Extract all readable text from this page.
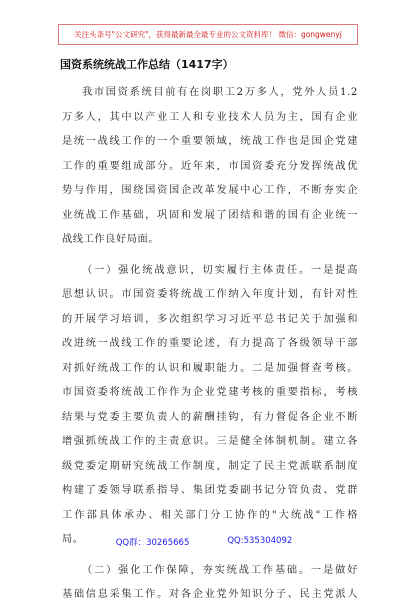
关注头条号"公文研究"，获得最新最全最专业的公文资料库！ 微信：gongwenyj
国资系统统战工作总结（1417字）
我市国资系统目前有在岗职工2万多人，党外人员1.2
万多人，其中以产业工人和专业技术人员为主，国有企业
是统一战线工作的一个重要领域，统战工作也是国企党建
工作的重要组成部分。近年来，市国资委充分发挥统战优
势与作用，围绕国资国企改革发展中心工作，不断夯实企
业统战工作基础，巩固和发展了团结和谐的国有企业统一
战线工作良好局面。
（一）强化统战意识，切实履行主体责任。一是提高
思想认识。市国资委将统战工作纳入年度计划，有针对性
的开展学习培训，多次组织学习习近平总书记关于加强和
改进统一战线工作的重要论述，有力提高了各级领导干部
对抓好统战工作的认识和履职能力。二是加强督查考核。
市国资委将统战工作作为企业党建考核的重要指标，考核
结果与党委主要负责人的薪酬挂钩，有力督促各企业不断
增强抓统战工作的主责意识。三是健全体制机制。建立各
级党委定期研究统战工作制度，制定了民主党派联系制度
构建了委领导联系指导、集团党委副书记分管负责、党群
工作部具体承办、相关部门分工协作的"大统战"工作格
局。
（二）强化工作保障，夯实统战工作基础。一是做好
基础信息采集工作。对各企业党外知识分子、民主党派人
QQ群：30265665	QQ:535304092
